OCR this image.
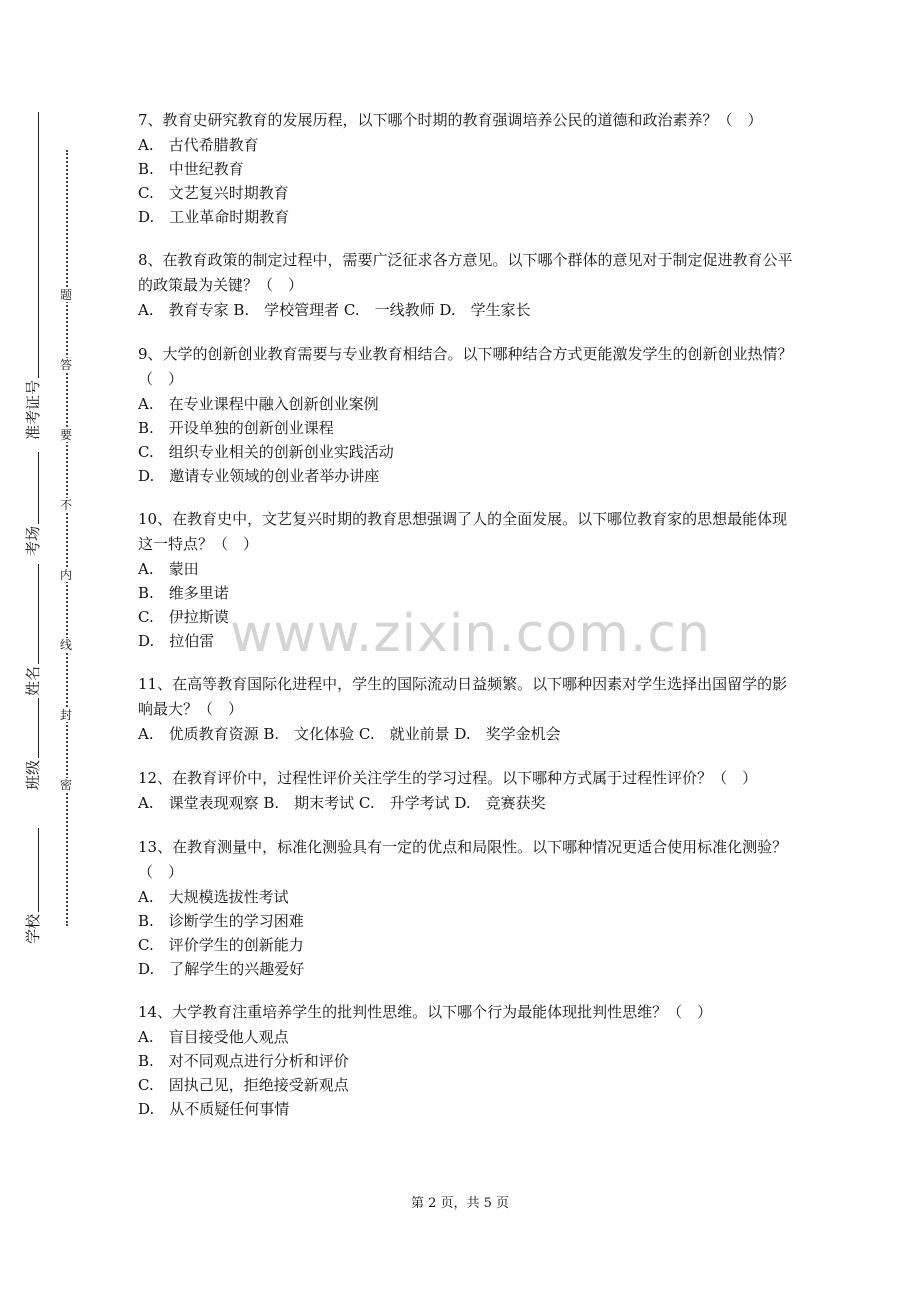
准考证号
考场
姓名
班级
学校
题
答
要
不
内
线
封
密
7、教育史研究教育的发展历程，以下哪个时期的教育强调培养公民的道德和政治素养？（　）
A.　古代希腊教育
B.　中世纪教育
C.　文艺复兴时期教育
D.　工业革命时期教育
8、在教育政策的制定过程中，需要广泛征求各方意见。以下哪个群体的意见对于制定促进教育公平的政策最为关键？（　）
A.　教育专家 B.　学校管理者 C.　一线教师 D.　学生家长
9、大学的创新创业教育需要与专业教育相结合。以下哪种结合方式更能激发学生的创新创业热情？（　）
A.　在专业课程中融入创新创业案例
B.　开设单独的创新创业课程
C.　组织专业相关的创新创业实践活动
D.　邀请专业领域的创业者举办讲座
10、在教育史中，文艺复兴时期的教育思想强调了人的全面发展。以下哪位教育家的思想最能体现这一特点？（　）
A.　蒙田
B.　维多里诺
C.　伊拉斯谟
D.　拉伯雷
11、在高等教育国际化进程中，学生的国际流动日益频繁。以下哪种因素对学生选择出国留学的影响最大？（　）
A.　优质教育资源 B.　文化体验 C.　就业前景 D.　奖学金机会
12、在教育评价中，过程性评价关注学生的学习过程。以下哪种方式属于过程性评价？（　）
A.　课堂表现观察 B.　期末考试 C.　升学考试 D.　竞赛获奖
13、在教育测量中，标准化测验具有一定的优点和局限性。以下哪种情况更适合使用标准化测验？（　）
A.　大规模选拔性考试
B.　诊断学生的学习困难
C.　评价学生的创新能力
D.　了解学生的兴趣爱好
14、大学教育注重培养学生的批判性思维。以下哪个行为最能体现批判性思维？（　）
A.　盲目接受他人观点
B.　对不同观点进行分析和评价
C.　固执己见，拒绝接受新观点
D.　从不质疑任何事情
www.zixin.com.cn
第 2 页，共 5 页
